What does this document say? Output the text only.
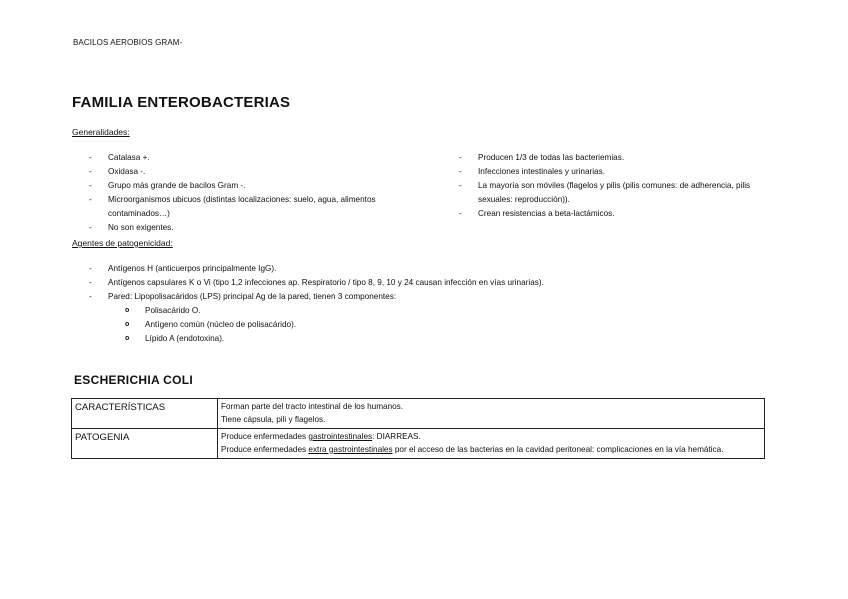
BACILOS AEROBIOS GRAM-
FAMILIA ENTEROBACTERIAS
Generalidades:
- Catalasa +.
- Oxidasa -.
- Grupo más grande de bacilos Gram -.
- Microorganismos ubicuos (distintas localizaciones: suelo, agua, alimentos
contaminados…)
- No son exigentes.
- Producen 1/3 de todas las bacteriemias.
- Infecciones intestinales y urinarias.
- La mayoría son móviles (flagelos y pilis (pilis comunes: de adherencia, pilis
sexuales: reproducción)).
- Crean resistencias a beta-lactámicos.
Agentes de patogenicidad:
- Antígenos H (anticuerpos principalmente IgG).
- Antígenos capsulares K o Vi (tipo 1,2 infecciones ap. Respiratorio / tipo 8, 9, 10 y 24 causan infección en vías urinarias).
- Pared: Lipopolisacáridos (LPS) principal Ag de la pared, tienen 3 componentes:
o Polisacárido O.
o Antígeno común (núcleo de polisacárido).
o Lípido A (endotoxina).
ESCHERICHIA COLI
CARACTERÍSTICAS	Forman parte del tracto intestinal de los humanos.
Tiene cápsula, pili y flagelos.

PATOGENIA	Produce enfermedades gastrointestinales: DIARREAS.
Produce enfermedades extra gastrointestinales por el acceso de las bacterias en la cavidad peritoneal: complicaciones en la vía hemática.
